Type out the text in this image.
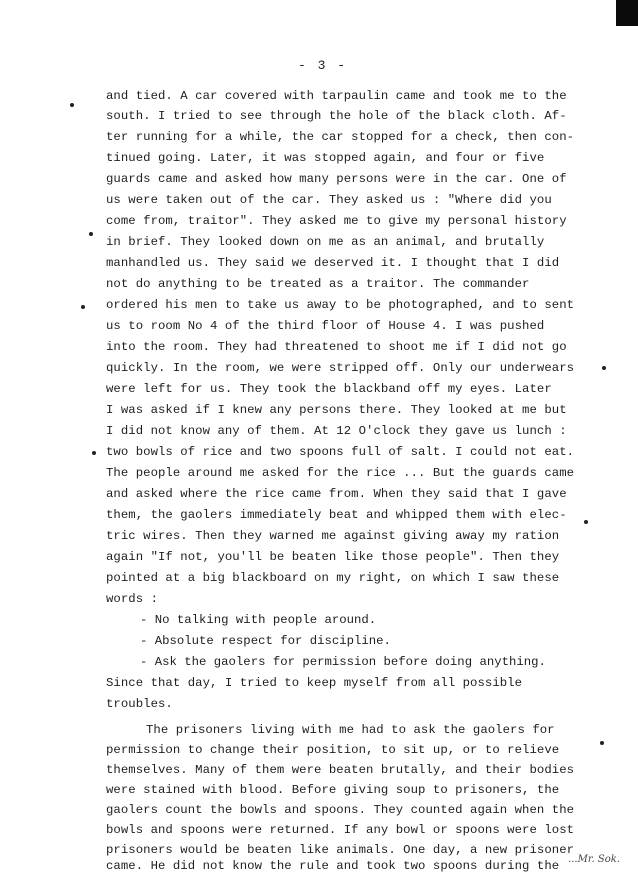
- 3 -
and tied. A car covered with tarpaulin came and took me to the
south. I tried to see through the hole of the black cloth. Af-
ter running for a while, the car stopped for a check, then con-
tinued going. Later, it was stopped again, and four or five
guards came and asked how many persons were in the car. One of
us were taken out of the car. They asked us : "Where did you
come from, traitor". They asked me to give my personal history
in brief. They looked down on me as an animal, and brutally
manhandled us. They said we deserved it. I thought that I did
not do anything to be treated as a traitor. The commander
ordered his men to take us away to be photographed, and to sent
us to room No 4 of the third floor of House 4. I was pushed
into the room. They had threatened to shoot me if I did not go
quickly. In the room, we were stripped off. Only our underwears
were left for us. They took the blackband off my eyes. Later
I was asked if I knew any persons there. They looked at me but
I did not know any of them. At 12 O'clock they gave us lunch :
two bowls of rice and two spoons full of salt. I could not eat.
The people around me asked for the rice ... But the guards came
and asked where the rice came from. When they said that I gave
them, the gaolers immediately beat and whipped them with elec-
tric wires. Then they warned me against giving away my ration
again "If not, you'll be beaten like those people". Then they
pointed at a big blackboard on my right, on which I saw these
words :
- No talking with people around.
- Absolute respect for discipline.
- Ask the gaolers for permission before doing anything.
Since that day, I tried to keep myself from all possible
troubles.
The prisoners living with me had to ask the gaolers for
permission to change their position, to sit up, or to relieve
themselves. Many of them were beaten brutally, and their bodies
were stained with blood. Before giving soup to prisoners, the
gaolers count the bowls and spoons. They counted again when the
bowls and spoons were returned. If any bowl or spoons were lost
prisoners would be beaten like animals. One day, a new prisoner
came. He did not know the rule and took two spoons during the ...Mr. Sok.
